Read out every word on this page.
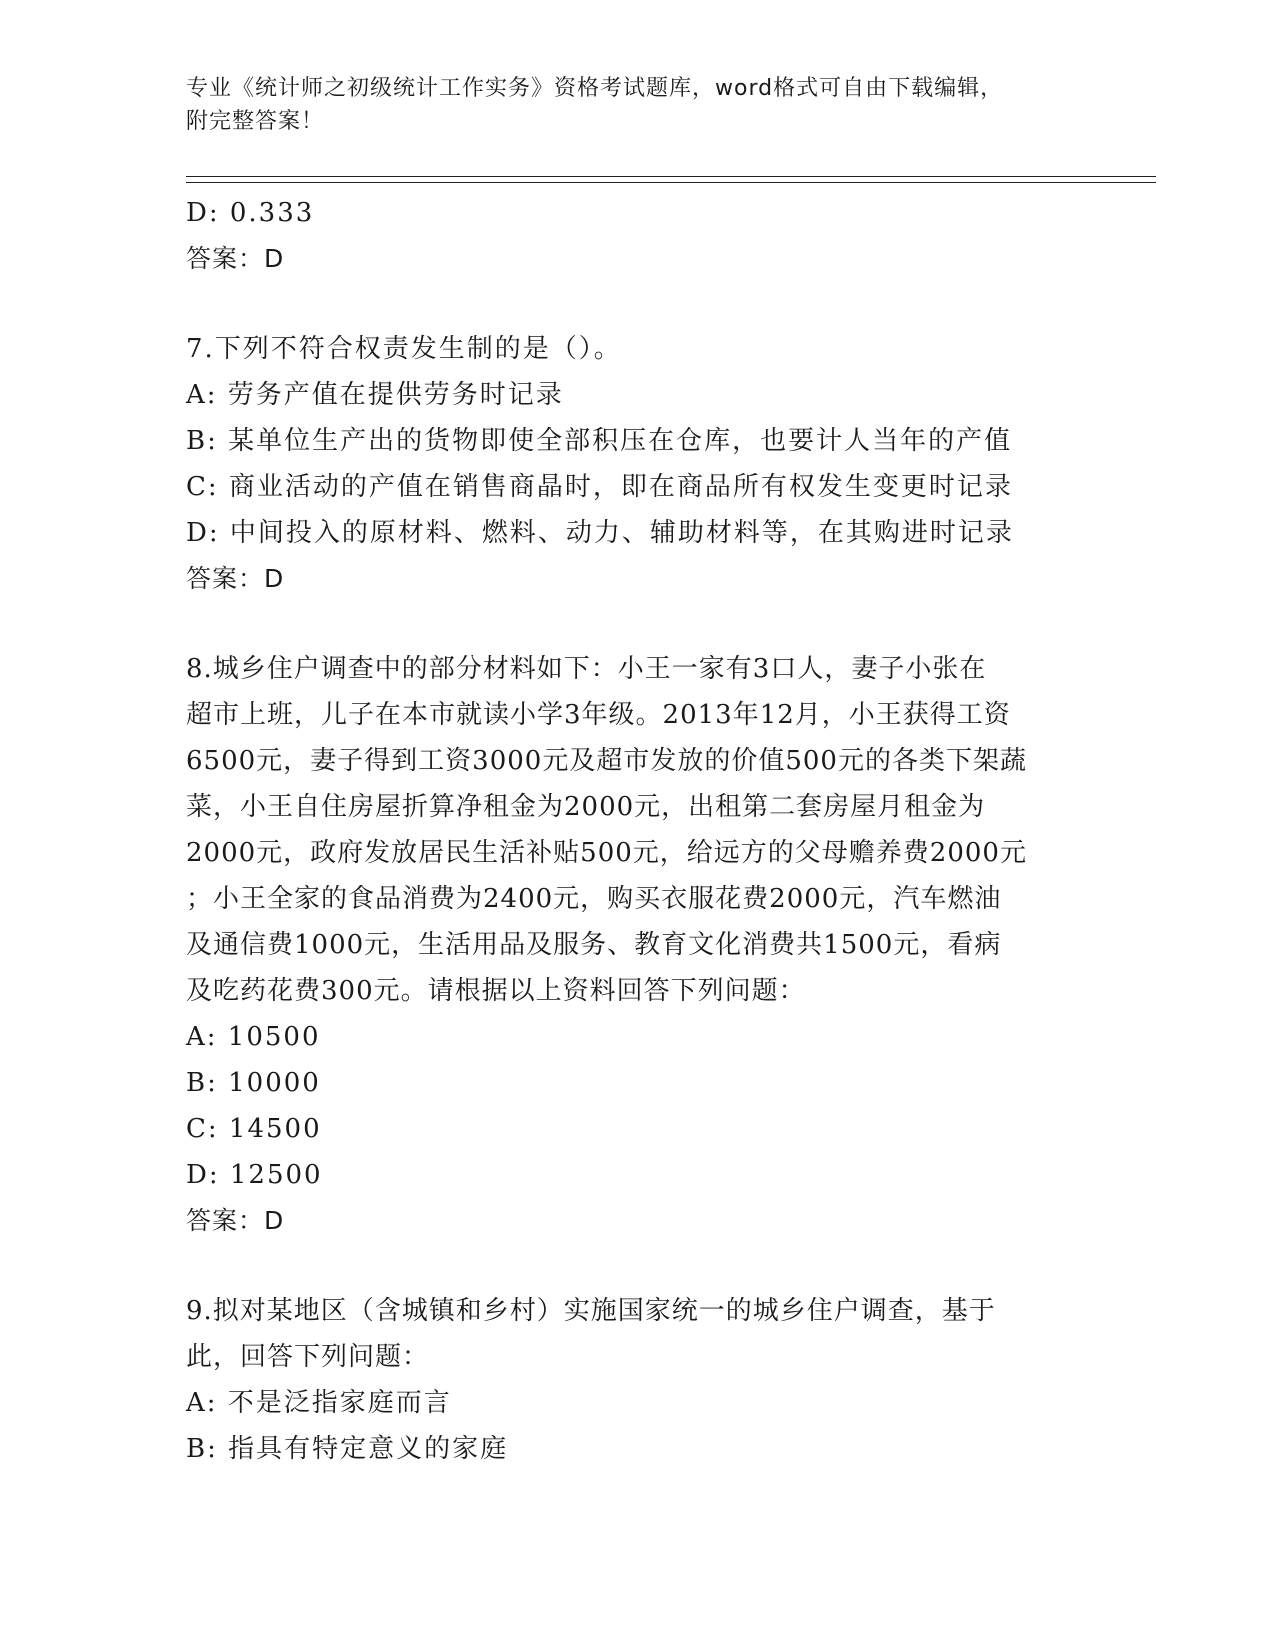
专业《统计师之初级统计工作实务》资格考试题库，word格式可自由下载编辑，
附完整答案！
D: 0.333
答案：D
7.下列不符合权责发生制的是（）。
A: 劳务产值在提供劳务时记录
B: 某单位生产出的货物即使全部积压在仓库，也要计人当年的产值
C: 商业活动的产值在销售商晶时，即在商品所有权发生变更时记录
D: 中间投入的原材料、燃料、动力、辅助材料等，在其购进时记录
答案：D
8.城乡住户调查中的部分材料如下：小王一家有3口人，妻子小张在
超市上班，儿子在本市就读小学3年级。2013年12月，小王获得工资
6500元，妻子得到工资3000元及超市发放的价值500元的各类下架蔬
菜，小王自住房屋折算净租金为2000元，出租第二套房屋月租金为
2000元，政府发放居民生活补贴500元，给远方的父母赡养费2000元
；小王全家的食品消费为2400元，购买衣服花费2000元，汽车燃油
及通信费1000元，生活用品及服务、教育文化消费共1500元，看病
及吃药花费300元。请根据以上资料回答下列问题：
A: 10500
B: 10000
C: 14500
D: 12500
答案：D
9.拟对某地区（含城镇和乡村）实施国家统一的城乡住户调查，基于
此，回答下列问题：
A: 不是泛指家庭而言
B: 指具有特定意义的家庭
